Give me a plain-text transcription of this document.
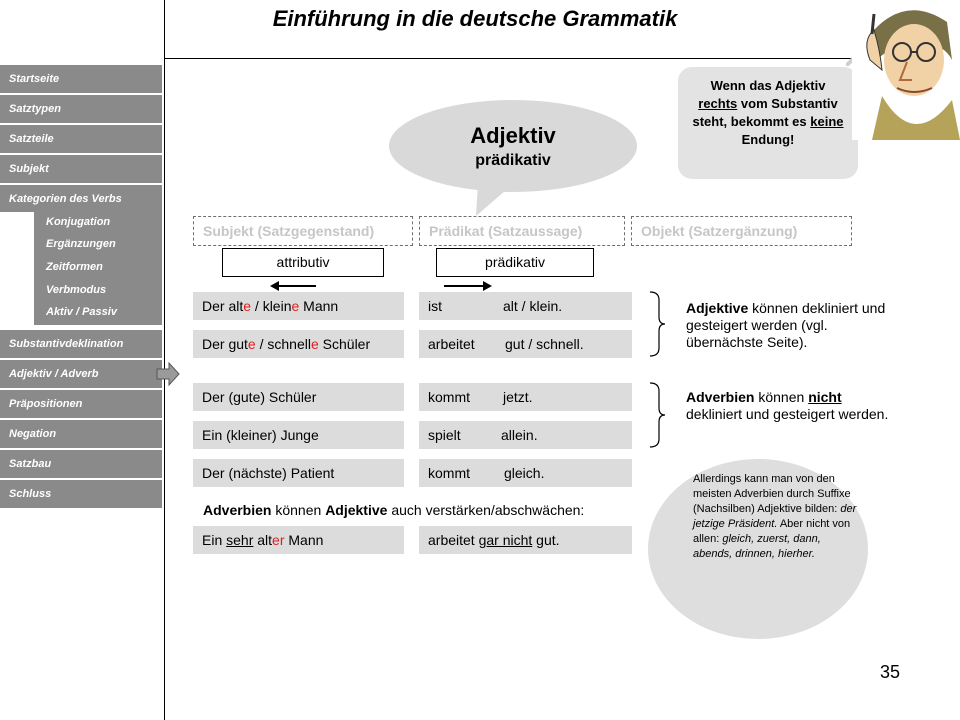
Einführung in die deutsche Grammatik
Startseite
Satztypen
Satzteile
Subjekt
Kategorien des Verbs
Konjugation
Ergänzungen
Zeitformen
Verbmodus
Aktiv / Passiv
Substantivdeklination
Adjektiv / Adverb
Präpositionen
Negation
Satzbau
Schluss
Adjektiv
prädikativ
Wenn das Adjektiv
rechts vom Substantiv steht, bekommt es keine Endung!
Subjekt (Satzgegenstand)	Prädikat (Satzaussage)	Objekt (Satzergänzung)
attributiv	prädikativ
Der alte / kleine Mann	ist	alt / klein.
Der gute / schnelle Schüler	arbeitet gut / schnell.
Der (gute) Schüler	kommt jetzt.
Ein (kleiner) Junge	spielt	allein.
Der (nächste) Patient	kommt gleich.
Adverbien können Adjektive auch verstärken/abschwächen:
Ein sehr alter Mann	arbeitet gar nicht gut.
Adjektive können dekliniert und gesteigert werden (vgl. übernächste Seite).
Adverbien können nicht dekliniert und gesteigert werden.
Allerdings kann man von den meisten Adverbien durch Suffixe (Nachsilben) Adjektive bilden: der jetzige Präsident. Aber nicht von allen: gleich, zuerst, dann, abends, drinnen, hierher.
35
